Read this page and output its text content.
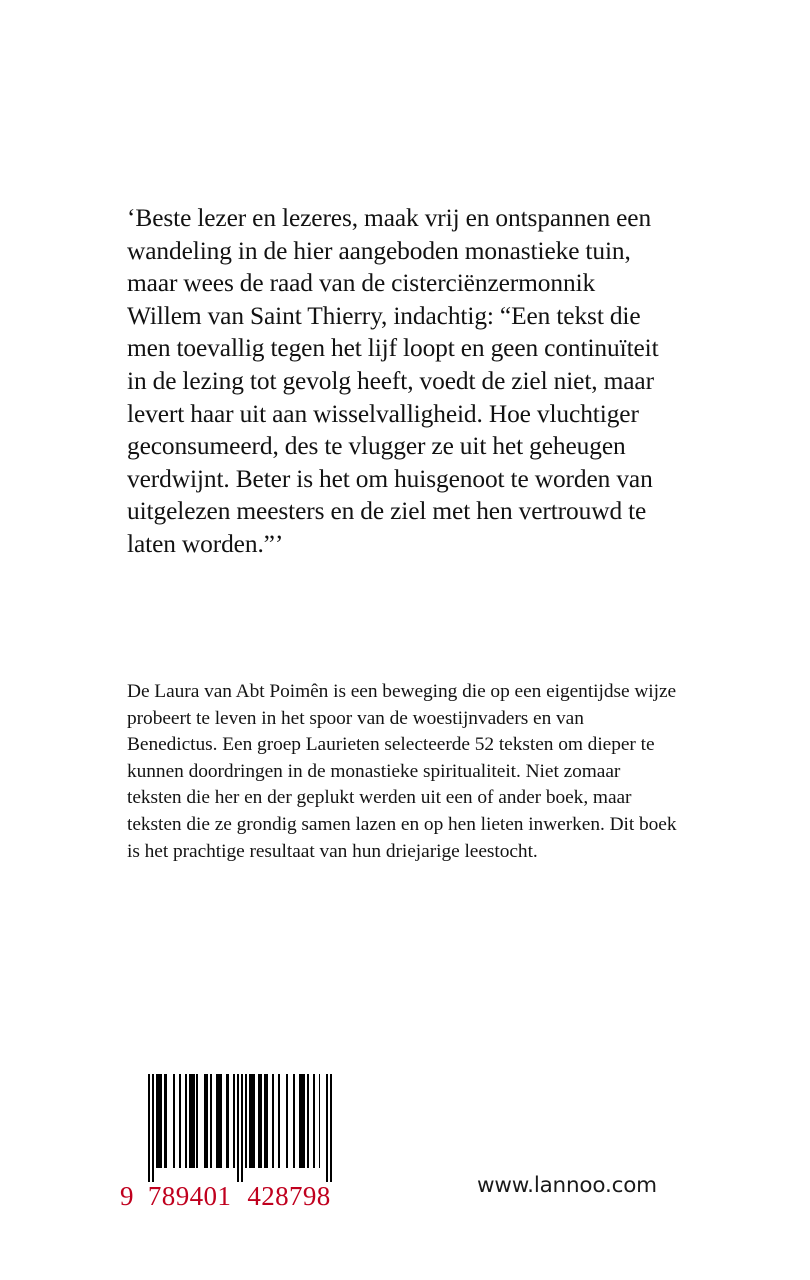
‘Beste lezer en lezeres, maak vrij en ontspannen een wandeling in de hier aangeboden monastieke tuin, maar wees de raad van de cisterciënzermonnik Willem van Saint Thierry, indachtig: “Een tekst die men toevallig tegen het lijf loopt en geen continuïteit in de lezing tot gevolg heeft, voedt de ziel niet, maar levert haar uit aan wisselvalligheid. Hoe vluchtiger geconsumeerd, des te vlugger ze uit het geheugen verdwijnt. Beter is het om huisgenoot te worden van uitgelezen meesters en de ziel met hen vertrouwd te laten worden.”’

De Laura van Abt Poimên is een beweging die op een eigentijdse wijze probeert te leven in het spoor van de woestijnvaders en van Benedictus. Een groep Laurieten selecteerde 52 teksten om dieper te kunnen doordringen in de monastieke spiritualiteit. Niet zomaar teksten die her en der geplukt werden uit een of ander boek, maar teksten die ze grondig samen lazen en op hen lieten inwerken. Dit boek is het prachtige resultaat van hun driejarige leestocht.

9 789401 428798	www.lannoo.com
